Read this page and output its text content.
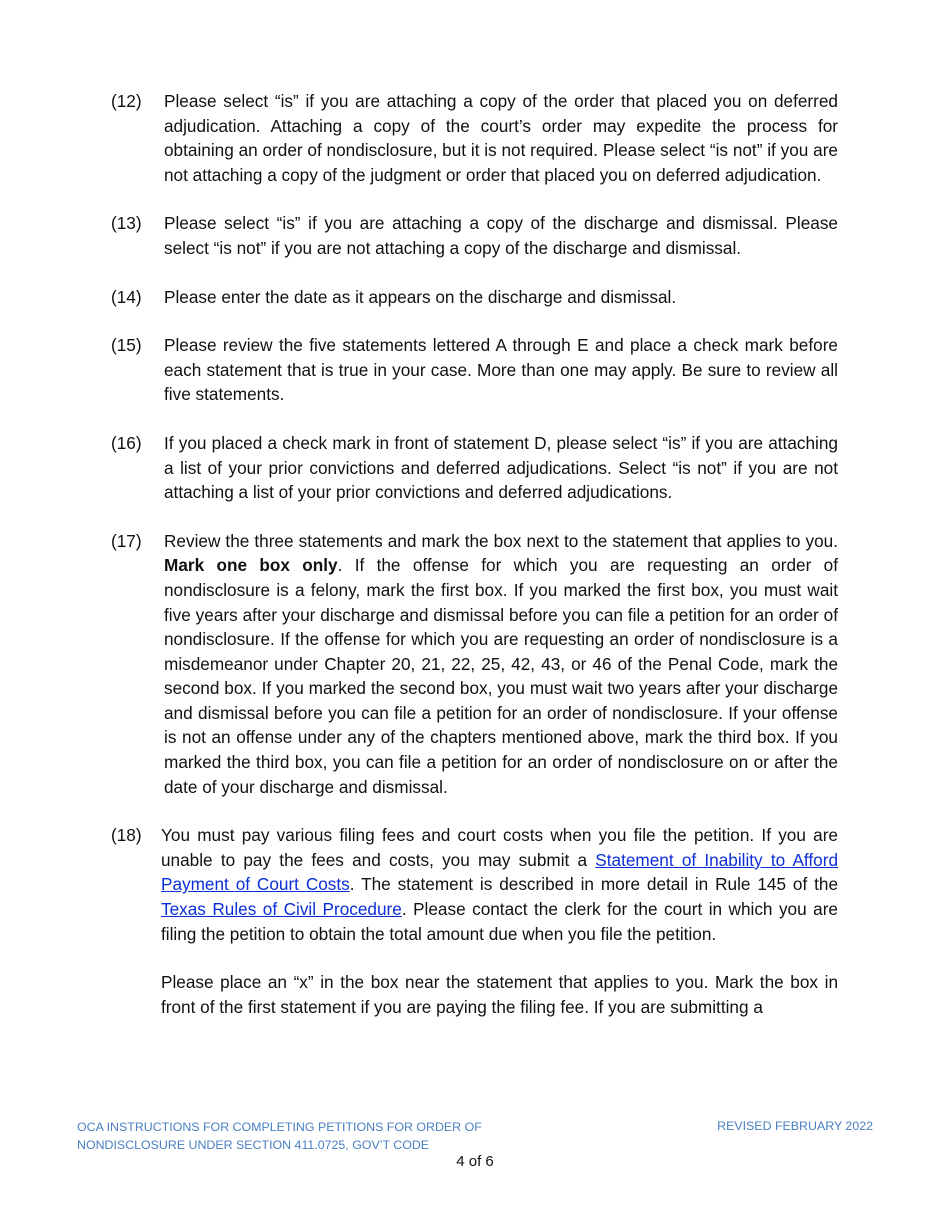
(12)	Please select “is” if you are attaching a copy of the order that placed you on deferred adjudication. Attaching a copy of the court’s order may expedite the process for obtaining an order of nondisclosure, but it is not required. Please select “is not” if you are not attaching a copy of the judgment or order that placed you on deferred adjudication.
(13)	Please select “is” if you are attaching a copy of the discharge and dismissal. Please select “is not” if you are not attaching a copy of the discharge and dismissal.
(14)	Please enter the date as it appears on the discharge and dismissal.
(15)	Please review the five statements lettered A through E and place a check mark before each statement that is true in your case. More than one may apply. Be sure to review all five statements.
(16)	If you placed a check mark in front of statement D, please select “is” if you are attaching a list of your prior convictions and deferred adjudications. Select “is not” if you are not attaching a list of your prior convictions and deferred adjudications.
(17)	Review the three statements and mark the box next to the statement that applies to you. Mark one box only. If the offense for which you are requesting an order of nondisclosure is a felony, mark the first box. If you marked the first box, you must wait five years after your discharge and dismissal before you can file a petition for an order of nondisclosure. If the offense for which you are requesting an order of nondisclosure is a misdemeanor under Chapter 20, 21, 22, 25, 42, 43, or 46 of the Penal Code, mark the second box. If you marked the second box, you must wait two years after your discharge and dismissal before you can file a petition for an order of nondisclosure. If your offense is not an offense under any of the chapters mentioned above, mark the third box. If you marked the third box, you can file a petition for an order of nondisclosure on or after the date of your discharge and dismissal.
(18)	You must pay various filing fees and court costs when you file the petition. If you are unable to pay the fees and costs, you may submit a Statement of Inability to Afford Payment of Court Costs. The statement is described in more detail in Rule 145 of the Texas Rules of Civil Procedure. Please contact the clerk for the court in which you are filing the petition to obtain the total amount due when you file the petition.
Please place an “x” in the box near the statement that applies to you. Mark the box in front of the first statement if you are paying the filing fee. If you are submitting a
OCA INSTRUCTIONS FOR COMPLETING PETITIONS FOR ORDER OF
NONDISCLOSURE UNDER SECTION 411.0725, GOV’T CODE
REVISED FEBRUARY 2022
4 of 6
